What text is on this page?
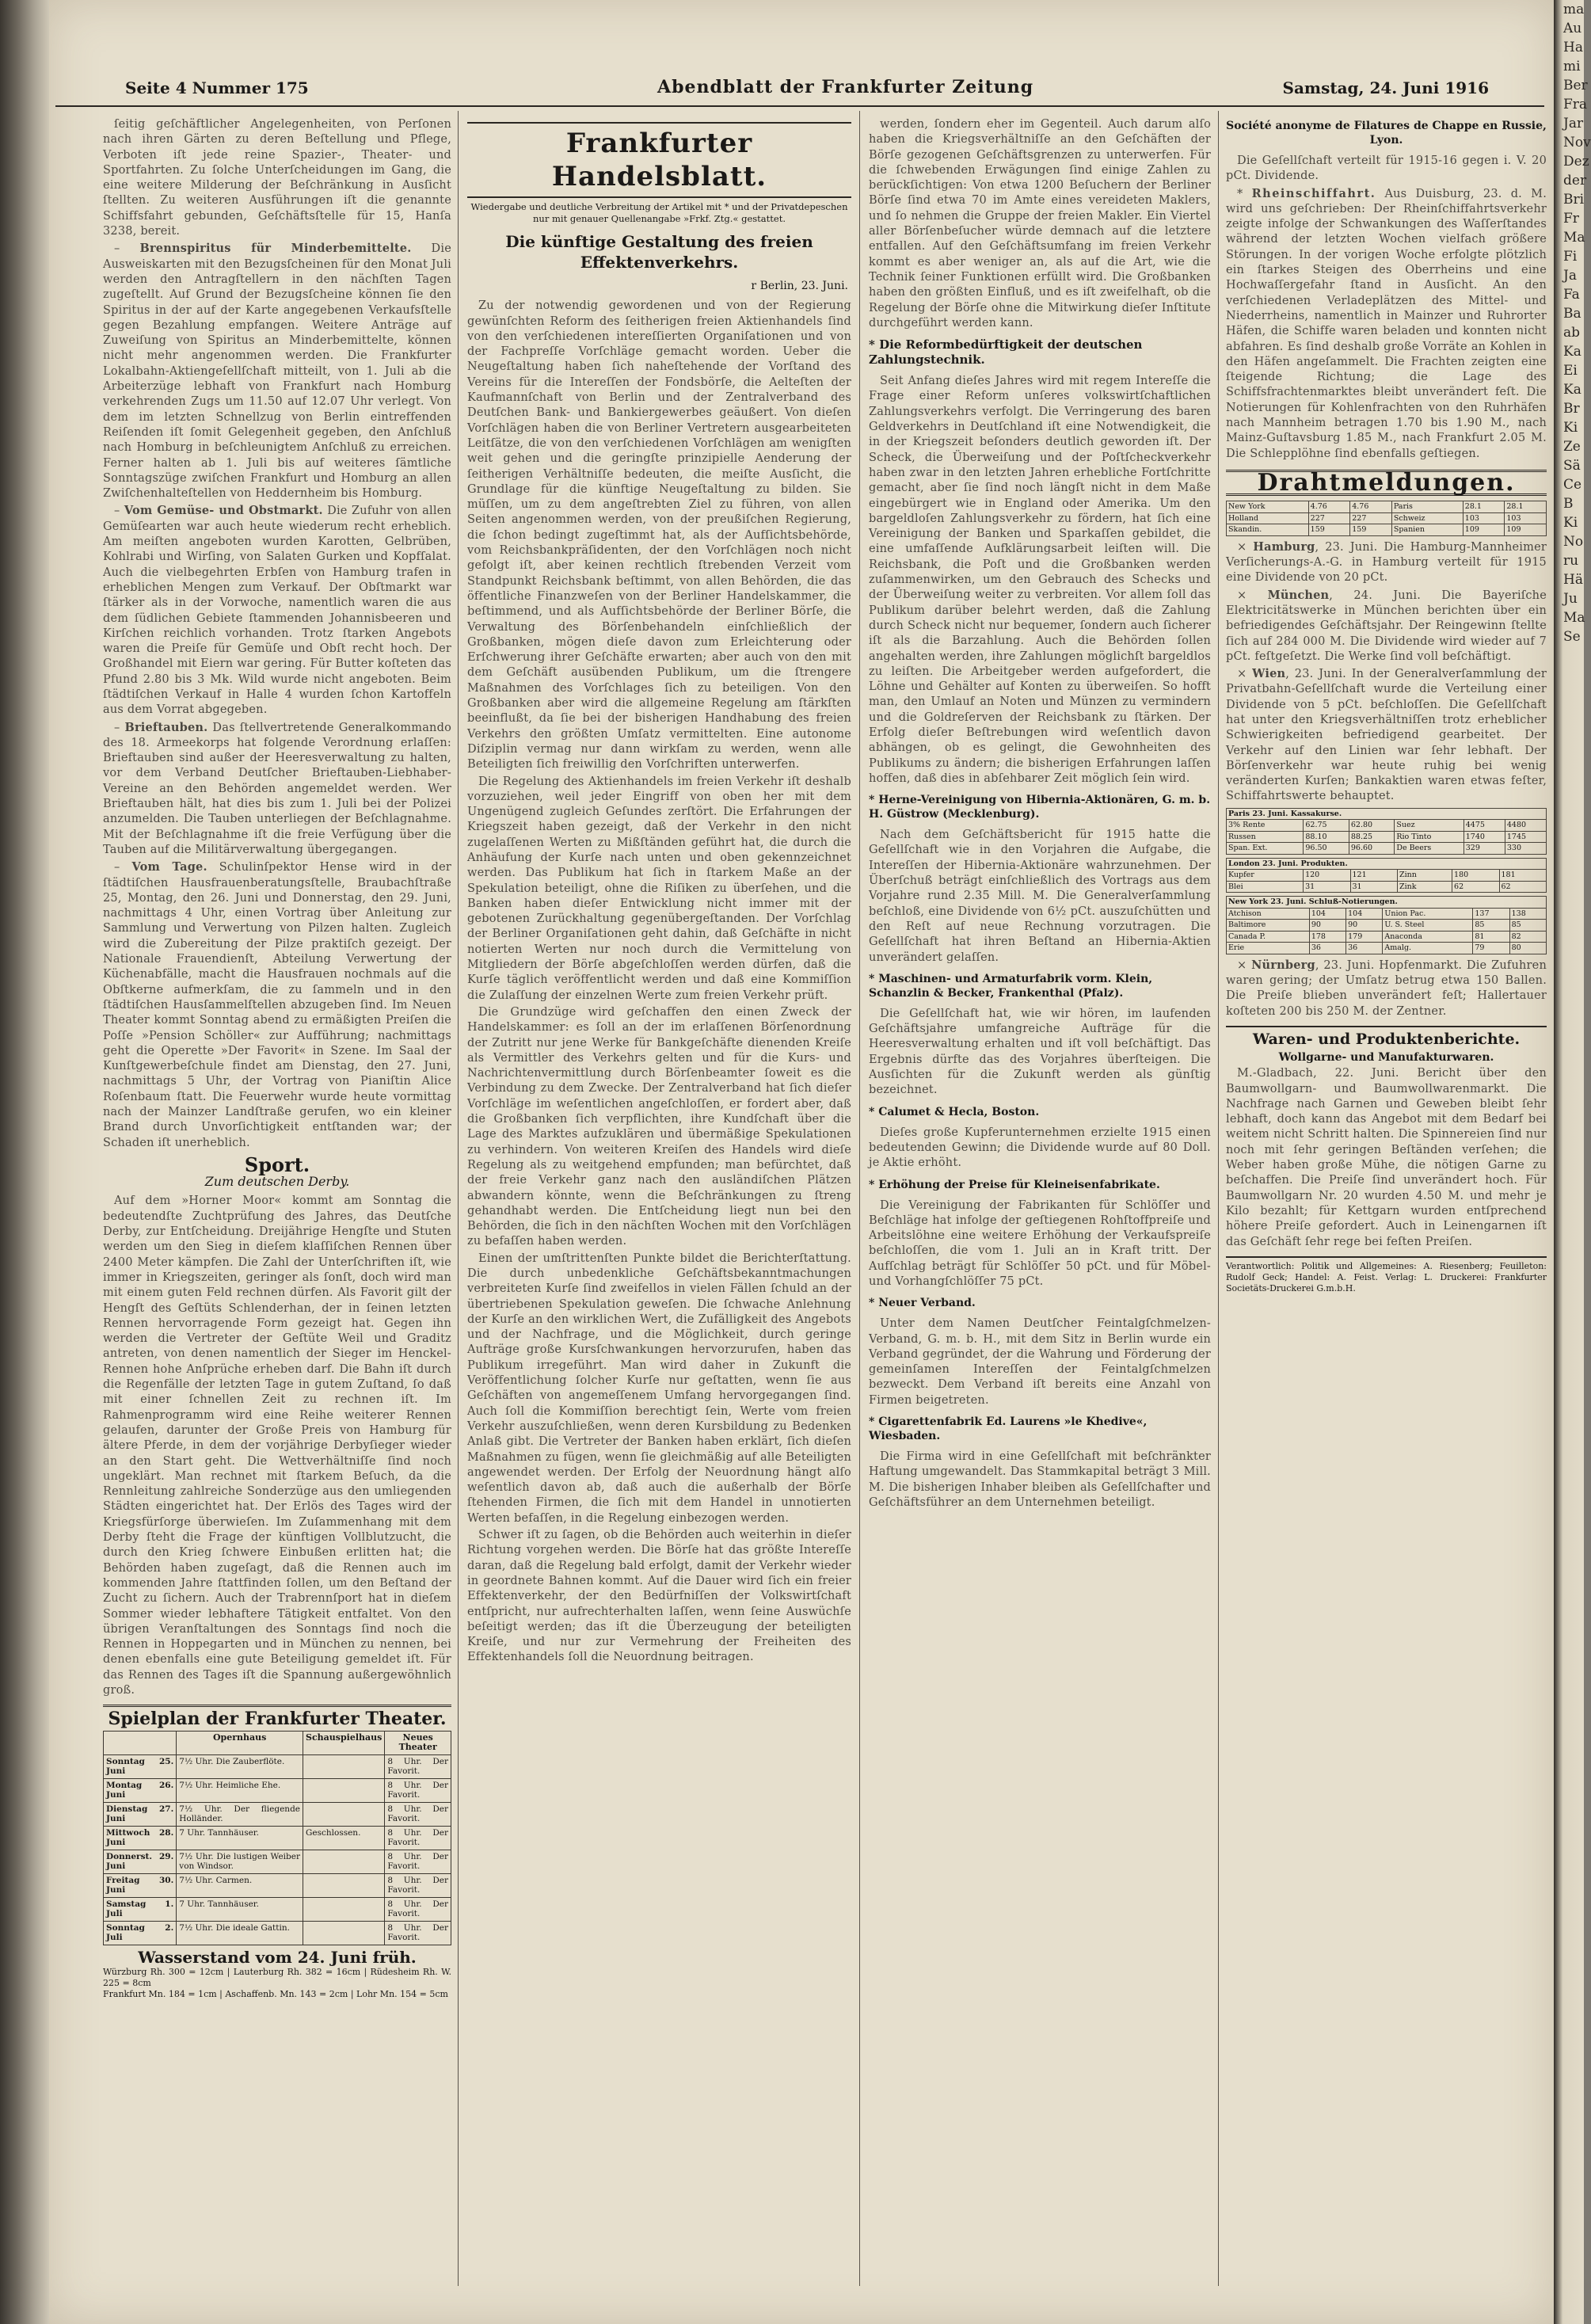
Seite 4 Nummer 175	Abendblatt der Frankfurter Zeitung	Samstag, 24. Juni 1916

ſeitig geſchäftlicher Angelegenheiten, von Perſonen nach ihren Gärten zu deren Beſtellung und Pflege, Verboten iſt jede reine Spazier-, Theater- und Sportfahrten. Zu ſolche Unterſcheidungen im Gang, die eine weitere Milderung der Beſchränkung in Ausſicht ſtellten. Zu weiteren Ausführungen iſt die genannte Schiffsfahrt gebunden, Geſchäftsſtelle für 15, Hanſa 3238, bereit.

– Brennspiritus für Minderbemittelte. Die Ausweiskarten mit den Bezugsſcheinen für den Monat Juli werden den Antragſtellern in den nächſten Tagen zugeſtellt. Auf Grund der Bezugsſcheine können ſie den Spiritus in der auf der Karte angegebenen Verkaufsſtelle gegen Bezahlung empfangen. Weitere Anträge auf Zuweiſung von Spiritus an Minderbemittelte, können nicht mehr angenommen werden. Die Frankfurter Lokalbahn-Aktiengeſellſchaft mitteilt, von 1. Juli ab die Arbeiterzüge lebhaft von Frankfurt nach Homburg verkehrenden Zugs um 11.50 auf 12.07 Uhr verlegt. Von dem im letzten Schnellzug von Berlin eintreffenden Reiſenden iſt ſomit Gelegenheit gegeben, den Anſchluß nach Homburg in beſchleunigtem Anſchluß zu erreichen. Ferner halten ab 1. Juli bis auf weiteres ſämtliche Sonntagszüge zwiſchen Frankfurt und Homburg an allen Zwiſchenhalteſtellen von Heddernheim bis Homburg.

– Vom Gemüse- und Obstmarkt. Die Zufuhr von allen Gemüſearten war auch heute wiederum recht erheblich. Am meiſten angeboten wurden Karotten, Gelbrüben, Kohlrabi und Wirſing, von Salaten Gurken und Kopfſalat. Auch die vielbegehrten Erbſen von Hamburg trafen in erheblichen Mengen zum Verkauf. Der Obſtmarkt war ſtärker als in der Vorwoche, namentlich waren die aus dem ſüdlichen Gebiete ſtammenden Johannisbeeren und Kirſchen reichlich vorhanden. Trotz ſtarken Angebots waren die Preiſe für Gemüſe und Obſt recht hoch. Der Großhandel mit Eiern war gering. Für Butter koſteten das Pfund 2.80 bis 3 Mk. Wild wurde nicht angeboten. Beim ſtädtiſchen Verkauf in Halle 4 wurden ſchon Kartoffeln aus dem Vorrat abgegeben.

– Brieftauben. Das ſtellvertretende Generalkommando des 18. Armeekorps hat folgende Verordnung erlaſſen: Brieftauben sind außer der Heeresverwaltung zu halten, vor dem Verband Deutſcher Brieftauben-Liebhaber-Vereine an den Behörden angemeldet werden. Wer Brieftauben hält, hat dies bis zum 1. Juli bei der Polizei anzumelden. Die Tauben unterliegen der Beſchlagnahme. Mit der Beſchlagnahme iſt die freie Verfügung über die Tauben auf die Militärverwaltung übergegangen.

– Vom Tage. Schulinſpektor Hense wird in der ſtädtiſchen Hausfrauenberatungsſtelle, Braubachſtraße 25, Montag, den 26. Juni und Donnerstag, den 29. Juni, nachmittags 4 Uhr, einen Vortrag über Anleitung zur Sammlung und Verwertung von Pilzen halten. Zugleich wird die Zubereitung der Pilze praktiſch gezeigt. Der Nationale Frauendienſt, Abteilung Verwertung der Küchenabfälle, macht die Hausfrauen nochmals auf die Obſtkerne aufmerkſam, die zu ſammeln und in den ſtädtiſchen Hausſammelſtellen abzugeben ſind. Im Neuen Theater kommt Sonntag abend zu ermäßigten Preiſen die Poſſe »Pension Schöller« zur Aufführung; nachmittags geht die Operette »Der Favorit« in Szene. Im Saal der Kunſtgewerbeſchule findet am Dienstag, den 27. Juni, nachmittags 5 Uhr, der Vortrag von Pianiſtin Alice Roſenbaum ſtatt. Die Feuerwehr wurde heute vormittag nach der Mainzer Landſtraße gerufen, wo ein kleiner Brand durch Unvorſichtigkeit entſtanden war; der Schaden iſt unerheblich.

Sport.
Zum deutschen Derby.

Auf dem »Horner Moor« kommt am Sonntag die bedeutendſte Zuchtprüfung des Jahres, das Deutſche Derby, zur Entſcheidung. Dreijährige Hengſte und Stuten werden um den Sieg in dieſem klaſſiſchen Rennen über 2400 Meter kämpfen. Die Zahl der Unterſchriften iſt, wie immer in Kriegszeiten, geringer als ſonſt, doch wird man mit einem guten Feld rechnen dürfen. Als Favorit gilt der Hengſt des Geſtüts Schlenderhan, der in ſeinen letzten Rennen hervorragende Form gezeigt hat. Gegen ihn werden die Vertreter der Geſtüte Weil und Graditz antreten, von denen namentlich der Sieger im Henckel-Rennen hohe Anſprüche erheben darf. Die Bahn iſt durch die Regenfälle der letzten Tage in gutem Zuſtand, ſo daß mit einer ſchnellen Zeit zu rechnen iſt. Im Rahmenprogramm wird eine Reihe weiterer Rennen gelaufen, darunter der Große Preis von Hamburg für ältere Pferde, in dem der vorjährige Derbyſieger wieder an den Start geht. Die Wettverhältniſſe ſind noch ungeklärt. Man rechnet mit ſtarkem Beſuch, da die Rennleitung zahlreiche Sonderzüge aus den umliegenden Städten eingerichtet hat. Der Erlös des Tages wird der Kriegsfürſorge überwieſen. Im Zuſammenhang mit dem Derby ſteht die Frage der künftigen Vollblutzucht, die durch den Krieg ſchwere Einbußen erlitten hat; die Behörden haben zugeſagt, daß die Rennen auch im kommenden Jahre ſtattfinden ſollen, um den Beſtand der Zucht zu ſichern. Auch der Trabrennſport hat in dieſem Sommer wieder lebhaftere Tätigkeit entfaltet. Von den übrigen Veranſtaltungen des Sonntags ſind noch die Rennen in Hoppegarten und in München zu nennen, bei denen ebenfalls eine gute Beteiligung gemeldet iſt. Für das Rennen des Tages iſt die Spannung außergewöhnlich groß.

Spielplan der Frankfurter Theater.
	Opernhaus	Schauspielhaus	Neues Theater
Sonntag 25. Juni	7½ Uhr. Die Zauberflöte.		8 Uhr. Der Favorit.
Montag 26. Juni	7½ Uhr. Heimliche Ehe.		8 Uhr. Der Favorit.
Dienstag 27. Juni	7½ Uhr. Der fliegende Holländer.		8 Uhr. Der Favorit.
Mittwoch 28. Juni	7 Uhr. Tannhäuser.	Geschlossen.	8 Uhr. Der Favorit.
Donnerst. 29. Juni	7½ Uhr. Die lustigen Weiber von Windsor.		8 Uhr. Der Favorit.
Freitag 30. Juni	7½ Uhr. Carmen.		8 Uhr. Der Favorit.
Samstag 1. Juli	7 Uhr. Tannhäuser.		8 Uhr. Der Favorit.
Sonntag 2. Juli	7½ Uhr. Die ideale Gattin.		8 Uhr. Der Favorit.
Wasserstand vom 24. Juni früh.
Würzburg Rh. 300 = 12cm | Lauterburg Rh. 382 = 16cm | Rüdesheim Rh. W. 225 = 8cm
Frankfurt Mn. 184 = 1cm | Aschaffenb. Mn. 143 = 2cm | Lohr Mn. 154 = 5cm
Frankfurter Handelsblatt.
Wiedergabe und deutliche Verbreitung der Artikel mit * und der Privatdepeschen nur mit genauer Quellenangabe »Frkf. Ztg.« gestattet.
Die künftige Gestaltung des freien Effektenverkehrs.
r Berlin, 23. Juni.

Zu der notwendig gewordenen und von der Regierung gewünſchten Reform des ſeitherigen freien Aktienhandels ſind von den verſchiedenen intereſſierten Organiſationen und von der Fachpreſſe Vorſchläge gemacht worden. Ueber die Neugeſtaltung haben ſich naheſtehende der Vorſtand des Vereins für die Intereſſen der Fondsbörſe, die Aelteſten der Kaufmannſchaft von Berlin und der Zentralverband des Deutſchen Bank- und Bankiergewerbes geäußert. Von dieſen Vorſchlägen haben die von Berliner Vertretern ausgearbeiteten Leitſätze, die von den verſchiedenen Vorſchlägen am wenigſten weit gehen und die geringſte prinzipielle Aenderung der ſeitherigen Verhältniſſe bedeuten, die meiſte Ausſicht, die Grundlage für die künftige Neugeſtaltung zu bilden. Sie müſſen, um zu dem angeſtrebten Ziel zu führen, von allen Seiten angenommen werden, von der preußiſchen Regierung, die ſchon bedingt zugeſtimmt hat, als der Aufſichtsbehörde, vom Reichsbankpräſidenten, der den Vorſchlägen noch nicht gefolgt iſt, aber keinen rechtlich ſtrebenden Verzeit vom Standpunkt Reichsbank beſtimmt, von allen Behörden, die das öffentliche Finanzweſen von der Berliner Handelskammer, die beſtimmend, und als Aufſichtsbehörde der Berliner Börſe, die Verwaltung des Börſenbehandeln einſchließlich der Großbanken, mögen dieſe davon zum Erleichterung oder Erſchwerung ihrer Geſchäfte erwarten; aber auch von den mit dem Geſchäft ausübenden Publikum, um die ſtrengere Maßnahmen des Vorſchlages ſich zu beteiligen. Von den Großbanken aber wird die allgemeine Regelung am ſtärkſten beeinflußt, da ſie bei der bisherigen Handhabung des freien Verkehrs den größten Umſatz vermittelten. Eine autonome Diſziplin vermag nur dann wirkſam zu werden, wenn alle Beteiligten ſich freiwillig den Vorſchriften unterwerfen.

Die Regelung des Aktienhandels im freien Verkehr iſt deshalb vorzuziehen, weil jeder Eingriff von oben her mit dem Ungenügend zugleich Geſundes zerſtört. Die Erfahrungen der Kriegszeit haben gezeigt, daß der Verkehr in den nicht zugelaſſenen Werten zu Mißſtänden geführt hat, die durch die Anhäufung der Kurſe nach unten und oben gekennzeichnet werden. Das Publikum hat ſich in ſtarkem Maße an der Spekulation beteiligt, ohne die Riſiken zu überſehen, und die Banken haben dieſer Entwicklung nicht immer mit der gebotenen Zurückhaltung gegenübergeſtanden. Der Vorſchlag der Berliner Organiſationen geht dahin, daß Geſchäfte in nicht notierten Werten nur noch durch die Vermittelung von Mitgliedern der Börſe abgeſchloſſen werden dürfen, daß die Kurſe täglich veröffentlicht werden und daß eine Kommiſſion die Zulaſſung der einzelnen Werte zum freien Verkehr prüft.

Die Grundzüge wird geſchaffen den einen Zweck der Handelskammer: es ſoll an der im erlaſſenen Börſenordnung der Zutritt nur jene Werke für Bankgeſchäfte dienenden Kreiſe als Vermittler des Verkehrs gelten und für die Kurs- und Nachrichtenvermittlung durch Börſenbeamter ſoweit es die Verbindung zu dem Zwecke. Der Zentralverband hat ſich dieſer Vorſchläge im weſentlichen angeſchloſſen, er fordert aber, daß die Großbanken ſich verpflichten, ihre Kundſchaft über die Lage des Marktes aufzuklären und übermäßige Spekulationen zu verhindern. Von weiteren Kreiſen des Handels wird dieſe Regelung als zu weitgehend empfunden; man befürchtet, daß der freie Verkehr ganz nach den ausländiſchen Plätzen abwandern könnte, wenn die Beſchränkungen zu ſtreng gehandhabt werden. Die Entſcheidung liegt nun bei den Behörden, die ſich in den nächſten Wochen mit den Vorſchlägen zu befaſſen haben werden.

Einen der umſtrittenſten Punkte bildet die Berichterſtattung. Die durch unbedenkliche Geſchäftsbekanntmachungen verbreiteten Kurſe ſind zweifellos in vielen Fällen ſchuld an der übertriebenen Spekulation geweſen. Die ſchwache Anlehnung der Kurſe an den wirklichen Wert, die Zufälligkeit des Angebots und der Nachfrage, und die Möglichkeit, durch geringe Aufträge große Kursſchwankungen hervorzurufen, haben das Publikum irregeführt. Man wird daher in Zukunft die Veröffentlichung ſolcher Kurſe nur geſtatten, wenn ſie aus Geſchäften von angemeſſenem Umfang hervorgegangen ſind. Auch ſoll die Kommiſſion berechtigt ſein, Werte vom freien Verkehr auszuſchließen, wenn deren Kursbildung zu Bedenken Anlaß gibt. Die Vertreter der Banken haben erklärt, ſich dieſen Maßnahmen zu fügen, wenn ſie gleichmäßig auf alle Beteiligten angewendet werden. Der Erfolg der Neuordnung hängt alſo weſentlich davon ab, daß auch die außerhalb der Börſe ſtehenden Firmen, die ſich mit dem Handel in unnotierten Werten befaſſen, in die Regelung einbezogen werden.

Schwer iſt zu ſagen, ob die Behörden auch weiterhin in dieſer Richtung vorgehen werden. Die Börſe hat das größte Intereſſe daran, daß die Regelung bald erfolgt, damit der Verkehr wieder in geordnete Bahnen kommt. Auf die Dauer wird ſich ein freier Effektenverkehr, der den Bedürfniſſen der Volkswirtſchaft entſpricht, nur aufrechterhalten laſſen, wenn ſeine Auswüchſe beſeitigt werden; das iſt die Überzeugung der beteiligten Kreiſe, und nur zur Vermehrung der Freiheiten des Effektenhandels ſoll die Neuordnung beitragen.

werden, ſondern eher im Gegenteil. Auch darum alſo haben die Kriegsverhältniſſe an den Geſchäften der Börſe gezogenen Geſchäftsgrenzen zu unterwerfen. Für die ſchwebenden Erwägungen ſind einige Zahlen zu berückſichtigen: Von etwa 1200 Beſuchern der Berliner Börſe ſind etwa 70 im Amte eines vereideten Maklers, und ſo nehmen die Gruppe der freien Makler. Ein Viertel aller Börſenbeſucher würde demnach auf die letztere entfallen. Auf den Geſchäftsumfang im freien Verkehr kommt es aber weniger an, als auf die Art, wie die Technik ſeiner Funktionen erfüllt wird. Die Großbanken haben den größten Einfluß, und es iſt zweifelhaft, ob die Regelung der Börſe ohne die Mitwirkung dieſer Inſtitute durchgeführt werden kann.

* Die Reformbedürftigkeit der deutschen Zahlungstechnik.

Seit Anfang dieſes Jahres wird mit regem Intereſſe die Frage einer Reform unſeres volkswirtſchaftlichen Zahlungsverkehrs verfolgt. Die Verringerung des baren Geldverkehrs in Deutſchland iſt eine Notwendigkeit, die in der Kriegszeit beſonders deutlich geworden iſt. Der Scheck, die Überweiſung und der Poſtſcheckverkehr haben zwar in den letzten Jahren erhebliche Fortſchritte gemacht, aber ſie ſind noch längſt nicht in dem Maße eingebürgert wie in England oder Amerika. Um den bargeldloſen Zahlungsverkehr zu fördern, hat ſich eine Vereinigung der Banken und Sparkaſſen gebildet, die eine umfaſſende Aufklärungsarbeit leiſten will. Die Reichsbank, die Poſt und die Großbanken werden zuſammenwirken, um den Gebrauch des Schecks und der Überweiſung weiter zu verbreiten. Vor allem ſoll das Publikum darüber belehrt werden, daß die Zahlung durch Scheck nicht nur bequemer, ſondern auch ſicherer iſt als die Barzahlung. Auch die Behörden ſollen angehalten werden, ihre Zahlungen möglichſt bargeldlos zu leiſten. Die Arbeitgeber werden aufgefordert, die Löhne und Gehälter auf Konten zu überweiſen. So hofft man, den Umlauf an Noten und Münzen zu vermindern und die Goldreſerven der Reichsbank zu ſtärken. Der Erfolg dieſer Beſtrebungen wird weſentlich davon abhängen, ob es gelingt, die Gewohnheiten des Publikums zu ändern; die bisherigen Erfahrungen laſſen hoffen, daß dies in abſehbarer Zeit möglich ſein wird.

* Herne-Vereinigung von Hibernia-Aktionären, G. m. b. H. Güstrow (Mecklenburg).

Nach dem Geſchäftsbericht für 1915 hatte die Geſellſchaft wie in den Vorjahren die Aufgabe, die Intereſſen der Hibernia-Aktionäre wahrzunehmen. Der Überſchuß beträgt einſchließlich des Vortrags aus dem Vorjahre rund 2.35 Mill. M. Die Generalverſammlung beſchloß, eine Dividende von 6½ pCt. auszuſchütten und den Reſt auf neue Rechnung vorzutragen. Die Geſellſchaft hat ihren Beſtand an Hibernia-Aktien unverändert gelaſſen.

* Maschinen- und Armaturfabrik vorm. Klein, Schanzlin & Becker, Frankenthal (Pfalz).

Die Geſellſchaft hat, wie wir hören, im laufenden Geſchäftsjahre umfangreiche Aufträge für die Heeresverwaltung erhalten und iſt voll beſchäftigt. Das Ergebnis dürfte das des Vorjahres überſteigen. Die Ausſichten für die Zukunft werden als günſtig bezeichnet.

* Calumet & Hecla, Boston.

Dieſes große Kupferunternehmen erzielte 1915 einen bedeutenden Gewinn; die Dividende wurde auf 80 Doll. je Aktie erhöht.

* Erhöhung der Preise für Kleineisenfabrikate.

Die Vereinigung der Fabrikanten für Schlöſſer und Beſchläge hat infolge der geſtiegenen Rohſtoffpreiſe und Arbeitslöhne eine weitere Erhöhung der Verkaufspreiſe beſchloſſen, die vom 1. Juli an in Kraft tritt. Der Aufſchlag beträgt für Schlöſſer 50 pCt. und für Möbel- und Vorhangſchlöſſer 75 pCt.

* Neuer Verband.

Unter dem Namen Deutſcher Feintalgſchmelzen-Verband, G. m. b. H., mit dem Sitz in Berlin wurde ein Verband gegründet, der die Wahrung und Förderung der gemeinſamen Intereſſen der Feintalgſchmelzen bezweckt. Dem Verband iſt bereits eine Anzahl von Firmen beigetreten.

* Cigarettenfabrik Ed. Laurens »le Khedive«, Wiesbaden.

Die Firma wird in eine Geſellſchaft mit beſchränkter Haftung umgewandelt. Das Stammkapital beträgt 3 Mill. M. Die bisherigen Inhaber bleiben als Geſellſchafter und Geſchäftsführer an dem Unternehmen beteiligt.

Société anonyme de Filatures de Chappe en Russie, Lyon.

Die Geſellſchaft verteilt für 1915-16 gegen i. V. 20 pCt. Dividende.

* Rheinschiffahrt. Aus Duisburg, 23. d. M. wird uns geſchrieben: Der Rheinſchiffahrtsverkehr zeigte infolge der Schwankungen des Waſſerſtandes während der letzten Wochen vielfach größere Störungen. In der vorigen Woche erfolgte plötzlich ein ſtarkes Steigen des Oberrheins und eine Hochwaſſergefahr ſtand in Ausſicht. An den verſchiedenen Verladeplätzen des Mittel- und Niederrheins, namentlich in Mainzer und Ruhrorter Häfen, die Schiffe waren beladen und konnten nicht abfahren. Es ſind deshalb große Vorräte an Kohlen in den Häfen angeſammelt. Die Frachten zeigten eine ſteigende Richtung; die Lage des Schiffsfrachtenmarktes bleibt unverändert feſt. Die Notierungen für Kohlenfrachten von den Ruhrhäfen nach Mannheim betragen 1.70 bis 1.90 M., nach Mainz-Guſtavsburg 1.85 M., nach Frankfurt 2.05 M. Die Schlepplöhne ſind ebenfalls geſtiegen.

Drahtmeldungen.
New York	4.76	4.76	Paris	28.1	28.1
Holland	227	227	Schweiz	103	103
Skandin.	159	159	Spanien	109	109

× Hamburg, 23. Juni. Die Hamburg-Mannheimer Verſicherungs-A.-G. in Hamburg verteilt für 1915 eine Dividende von 20 pCt.

× München, 24. Juni. Die Bayeriſche Elektricitätswerke in München berichten über ein befriedigendes Geſchäftsjahr. Der Reingewinn ſtellte ſich auf 284 000 M. Die Dividende wird wieder auf 7 pCt. feſtgeſetzt. Die Werke ſind voll beſchäftigt.

× Wien, 23. Juni. In der Generalverſammlung der Privatbahn-Geſellſchaft wurde die Verteilung einer Dividende von 5 pCt. beſchloſſen. Die Geſellſchaft hat unter den Kriegsverhältniſſen trotz erheblicher Schwierigkeiten befriedigend gearbeitet. Der Verkehr auf den Linien war ſehr lebhaft. Der Börſenverkehr war heute ruhig bei wenig veränderten Kurſen; Bankaktien waren etwas feſter, Schiffahrtswerte behauptet.

Paris 23. Juni. Kassakurse.					
3% Rente	62.75	62.80	Suez	4475	4480
Russen	88.10	88.25	Rio Tinto	1740	1745
Span. Ext.	96.50	96.60	De Beers	329	330
London 23. Juni. Produkten.					
Kupfer	120	121	Zinn	180	181
Blei	31	31	Zink	62	62
New York 23. Juni. Schluß-Notierungen.					
Atchison	104	104	Union Pac.	137	138
Baltimore	90	90	U. S. Steel	85	85
Canada P.	178	179	Anaconda	81	82
Erie	36	36	Amalg.	79	80

× Nürnberg, 23. Juni. Hopfenmarkt. Die Zufuhren waren gering; der Umſatz betrug etwa 150 Ballen. Die Preiſe blieben unverändert feſt; Hallertauer koſteten 200 bis 250 M. der Zentner.

Waren- und Produktenberichte.
Wollgarne- und Manufakturwaren.

M.-Gladbach, 22. Juni. Bericht über den Baumwollgarn- und Baumwollwarenmarkt. Die Nachfrage nach Garnen und Geweben bleibt ſehr lebhaft, doch kann das Angebot mit dem Bedarf bei weitem nicht Schritt halten. Die Spinnereien ſind nur noch mit ſehr geringen Beſtänden verſehen; die Weber haben große Mühe, die nötigen Garne zu beſchaffen. Die Preiſe ſind unverändert hoch. Für Baumwollgarn Nr. 20 wurden 4.50 M. und mehr je Kilo bezahlt; für Kettgarn wurden entſprechend höhere Preiſe gefordert. Auch in Leinengarnen iſt das Geſchäft ſehr rege bei feſten Preiſen.

Verantwortlich: Politik und Allgemeines: A. Riesenberg; Feuilleton: Rudolf Geck; Handel: A. Feist. Verlag: L. Druckerei: Frankfurter Societäts-Druckerei G.m.b.H.
ma
Au
Ha
mi
Ber
Fra
Jar
Nov
Dez
der
Bri
Fr
Ma
Fi
Ja
Fa
Ba
ab
Ka
Ei
Ka
Br
Ki
Ze
Sä
Ce
B
Ki
No
ru
Hä
Ju
Ma
Se
